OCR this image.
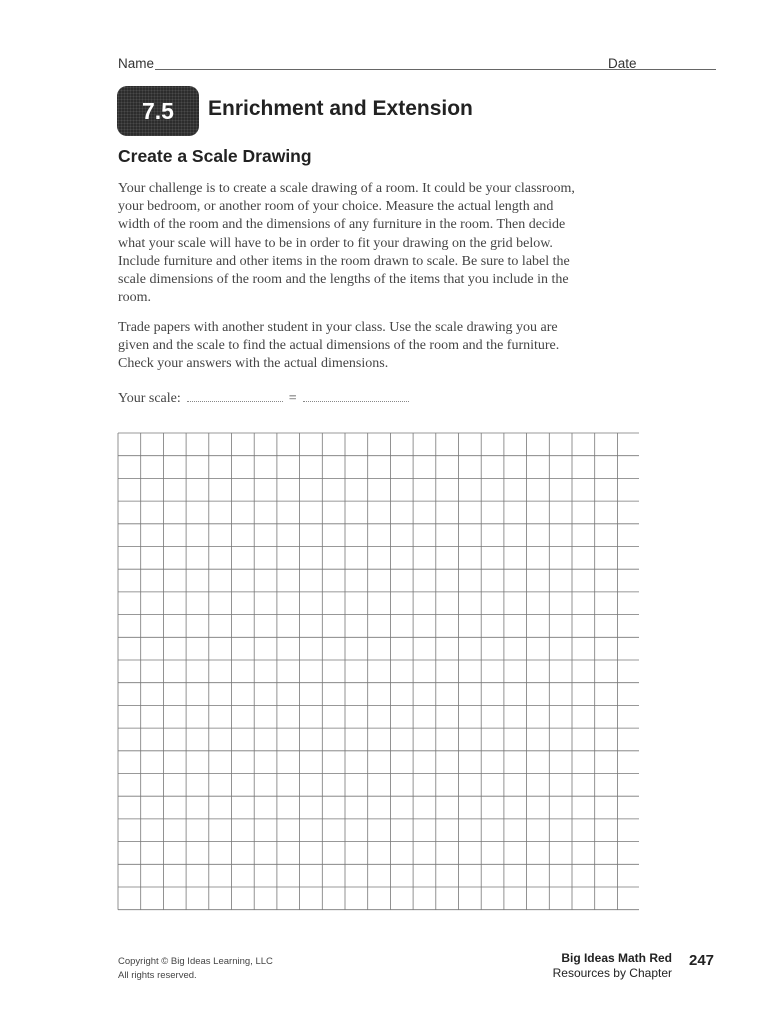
Name	Date
7.5	Enrichment and Extension
Create a Scale Drawing

Your challenge is to create a scale drawing of a room. It could be your classroom,
your bedroom, or another room of your choice. Measure the actual length and
width of the room and the dimensions of any furniture in the room. Then decide
what your scale will have to be in order to fit your drawing on the grid below.
Include furniture and other items in the room drawn to scale. Be sure to label the
scale dimensions of the room and the lengths of the items that you include in the
room.

Trade papers with another student in your class. Use the scale drawing you are
given and the scale to find the actual dimensions of the room and the furniture.
Check your answers with the actual dimensions.

Your scale:	=
Copyright © Big Ideas Learning, LLC
All rights reserved.
Big Ideas Math Red
Resources by Chapter
247
